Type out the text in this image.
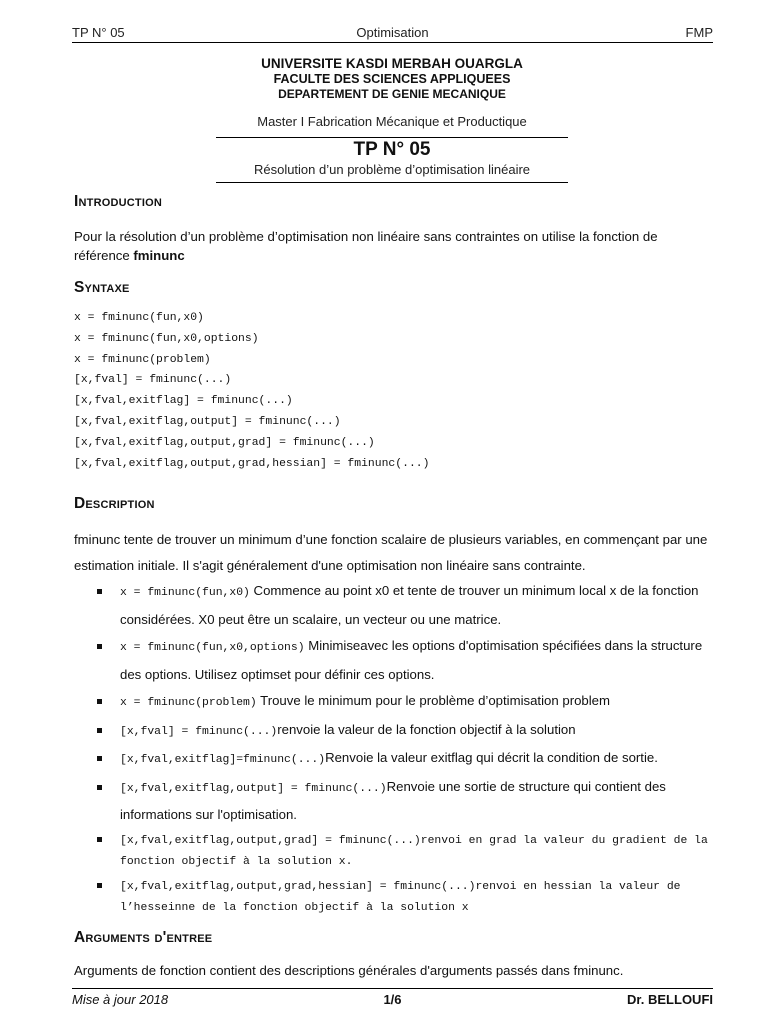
TP N° 05	Optimisation	FMP
UNIVERSITE KASDI MERBAH OUARGLA
FACULTE DES SCIENCES APPLIQUEES
DEPARTEMENT DE GENIE MECANIQUE
Master I Fabrication Mécanique et Productique
TP N° 05
Résolution d’un problème d’optimisation linéaire
Introduction
Pour la résolution d’un problème d’optimisation non linéaire sans contraintes on utilise la fonction de référence fminunc
Syntaxe
x = fminunc(fun,x0)
x = fminunc(fun,x0,options)
x = fminunc(problem)
[x,fval] = fminunc(...)
[x,fval,exitflag] = fminunc(...)
[x,fval,exitflag,output] = fminunc(...)
[x,fval,exitflag,output,grad] = fminunc(...)
[x,fval,exitflag,output,grad,hessian] = fminunc(...)
Description
fminunc tente de trouver un minimum d’une fonction scalaire de plusieurs variables, en commençant par une estimation initiale. Il s'agit généralement d'une optimisation non linéaire sans contrainte.
x = fminunc(fun,x0) Commence au point x0 et tente de trouver un minimum local x de la fonction considérées. X0 peut être un scalaire, un vecteur ou une matrice.
x = fminunc(fun,x0,options) Minimiseavec les options d'optimisation spécifiées dans la structure des options. Utilisez optimset pour définir ces options.
x = fminunc(problem) Trouve le minimum pour le problème d’optimisation problem
[x,fval] = fminunc(...)renvoie la valeur de la fonction objectif à la solution
[x,fval,exitflag]=fminunc(...)Renvoie la valeur exitflag qui décrit la condition de sortie.
[x,fval,exitflag,output] = fminunc(...)Renvoie une sortie de structure qui contient des informations sur l'optimisation.
[x,fval,exitflag,output,grad] = fminunc(...)renvoi en grad la valeur du gradient de la fonction objectif à la solution x.
[x,fval,exitflag,output,grad,hessian] = fminunc(...)renvoi en hessian la valeur de l’hesseinne de la fonction objectif à la solution x
Arguments d'entree
Arguments de fonction contient des descriptions générales d'arguments passés dans fminunc.
Mise à jour 2018	1/6	Dr. BELLOUFI
